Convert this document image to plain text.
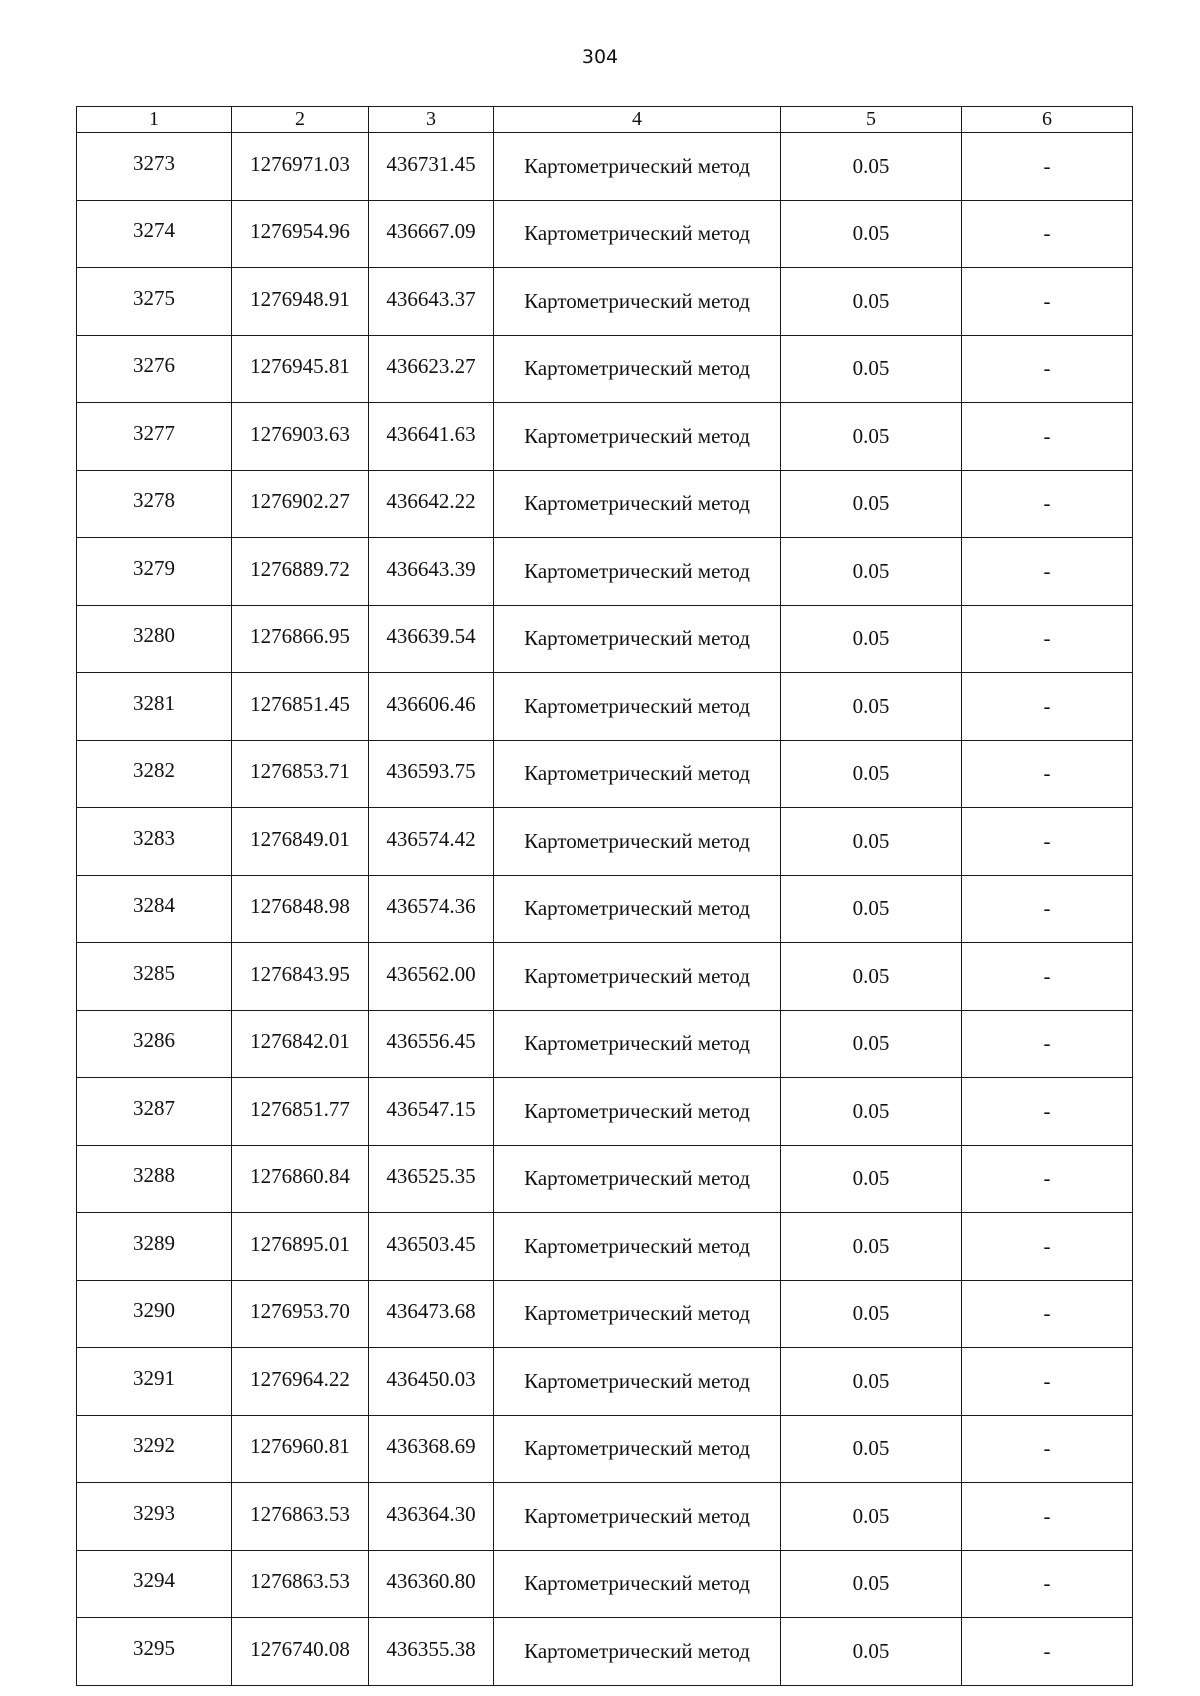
304
1	2	3	4	5	6
3273	1276971.03	436731.45	Картометрический метод	0.05	-
3274	1276954.96	436667.09	Картометрический метод	0.05	-
3275	1276948.91	436643.37	Картометрический метод	0.05	-
3276	1276945.81	436623.27	Картометрический метод	0.05	-
3277	1276903.63	436641.63	Картометрический метод	0.05	-
3278	1276902.27	436642.22	Картометрический метод	0.05	-
3279	1276889.72	436643.39	Картометрический метод	0.05	-
3280	1276866.95	436639.54	Картометрический метод	0.05	-
3281	1276851.45	436606.46	Картометрический метод	0.05	-
3282	1276853.71	436593.75	Картометрический метод	0.05	-
3283	1276849.01	436574.42	Картометрический метод	0.05	-
3284	1276848.98	436574.36	Картометрический метод	0.05	-
3285	1276843.95	436562.00	Картометрический метод	0.05	-
3286	1276842.01	436556.45	Картометрический метод	0.05	-
3287	1276851.77	436547.15	Картометрический метод	0.05	-
3288	1276860.84	436525.35	Картометрический метод	0.05	-
3289	1276895.01	436503.45	Картометрический метод	0.05	-
3290	1276953.70	436473.68	Картометрический метод	0.05	-
3291	1276964.22	436450.03	Картометрический метод	0.05	-
3292	1276960.81	436368.69	Картометрический метод	0.05	-
3293	1276863.53	436364.30	Картометрический метод	0.05	-
3294	1276863.53	436360.80	Картометрический метод	0.05	-
3295	1276740.08	436355.38	Картометрический метод	0.05	-
